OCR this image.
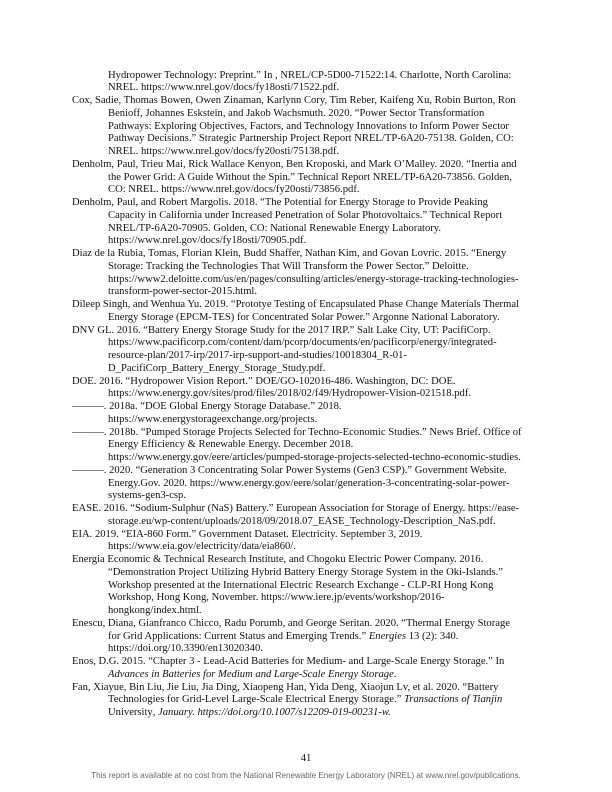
Hydropower Technology: Preprint.” In , NREL/CP-5D00-71522:14. Charlotte, North Carolina:
NREL. https://www.nrel.gov/docs/fy18osti/71522.pdf.
Cox, Sadie, Thomas Bowen, Owen Zinaman, Karlynn Cory, Tim Reber, Kaifeng Xu, Robin Burton, Ron
Benioff, Johannes Eskstein, and Jakob Wachsmuth. 2020. “Power Sector Transformation
Pathways: Exploring Objectives, Factors, and Technology Innovations to Inform Power Sector
Pathway Decisions.” Strategic Partnership Project Report NREL/TP-6A20-75138. Golden, CO:
NREL. https://www.nrel.gov/docs/fy20osti/75138.pdf.
Denholm, Paul, Trieu Mai, Rick Wallace Kenyon, Ben Kroposki, and Mark O’Malley. 2020. “Inertia and
the Power Grid: A Guide Without the Spin.” Technical Report NREL/TP-6A20-73856. Golden,
CO: NREL. https://www.nrel.gov/docs/fy20osti/73856.pdf.
Denholm, Paul, and Robert Margolis. 2018. “The Potential for Energy Storage to Provide Peaking
Capacity in California under Increased Penetration of Solar Photovoltaics.” Technical Report
NREL/TP-6A20-70905. Golden, CO: National Renewable Energy Laboratory.
https://www.nrel.gov/docs/fy18osti/70905.pdf.
Diaz de la Rubia, Tomas, Florian Klein, Budd Shaffer, Nathan Kim, and Govan Lovric. 2015. “Energy
Storage: Tracking the Technologies That Will Transform the Power Sector.” Deloitte.
https://www2.deloitte.com/us/en/pages/consulting/articles/energy-storage-tracking-technologies-
transform-power-sector-2015.html.
Dileep Singh, and Wenhua Yu. 2019. “Prototye Testing of Encapsulated Phase Change Materials Thermal
Energy Storage (EPCM-TES) for Concentrated Solar Power.” Argonne National Laboratory.
DNV GL. 2016. “Battery Energy Storage Study for the 2017 IRP.” Salt Lake City, UT: PacifiCorp.
https://www.pacificorp.com/content/dam/pcorp/documents/en/pacificorp/energy/integrated-
resource-plan/2017-irp/2017-irp-support-and-studies/10018304_R-01-
D_PacifiCorp_Battery_Energy_Storage_Study.pdf.
DOE. 2016. “Hydropower Vision Report.” DOE/GO-102016-486. Washington, DC: DOE.
https://www.energy.gov/sites/prod/files/2018/02/f49/Hydropower-Vision-021518.pdf.
———. 2018a. “DOE Global Energy Storage Database.” 2018.
https://www.energystorageexchange.org/projects.
———. 2018b. “Pumped Storage Projects Selected for Techno-Economic Studies.” News Brief. Office of
Energy Efficiency & Renewable Energy. December 2018.
https://www.energy.gov/eere/articles/pumped-storage-projects-selected-techno-economic-studies.
———. 2020. “Generation 3 Concentrating Solar Power Systems (Gen3 CSP).” Government Website.
Energy.Gov. 2020. https://www.energy.gov/eere/solar/generation-3-concentrating-solar-power-
systems-gen3-csp.
EASE. 2016. “Sodium-Sulphur (NaS) Battery.” European Association for Storage of Energy. https://ease-
storage.eu/wp-content/uploads/2018/09/2018.07_EASE_Technology-Description_NaS.pdf.
EIA. 2019. “EIA-860 Form.” Government Dataset. Electricity. September 3, 2019.
https://www.eia.gov/electricity/data/eia860/.
Energia Economic & Technical Research Institute, and Chogoku Electric Power Company. 2016.
“Demonstration Project Utilizing Hybrid Battery Energy Storage System in the Oki-Islands.”
Workshop presented at the International Electric Research Exchange - CLP-RI Hong Kong
Workshop, Hong Kong, November. https://www.iere.jp/events/workshop/2016-
hongkong/index.html.
Enescu, Diana, Gianfranco Chicco, Radu Porumb, and George Seritan. 2020. “Thermal Energy Storage
for Grid Applications: Current Status and Emerging Trends.” Energies 13 (2): 340.
https://doi.org/10.3390/en13020340.
Enos, D.G. 2015. “Chapter 3 - Lead-Acid Batteries for Medium- and Large-Scale Energy Storage.” In
Advances in Batteries for Medium and Large-Scale Energy Storage.
Fan, Xiayue, Bin Liu, Jie Liu, Jia Ding, Xiaopeng Han, Yida Deng, Xiaojun Lv, et al. 2020. “Battery
Technologies for Grid-Level Large-Scale Electrical Energy Storage.” Transactions of Tianjin
University, January. https://doi.org/10.1007/s12209-019-00231-w.
41
This report is available at no cost from the National Renewable Energy Laboratory (NREL) at www.nrel.gov/publications.
